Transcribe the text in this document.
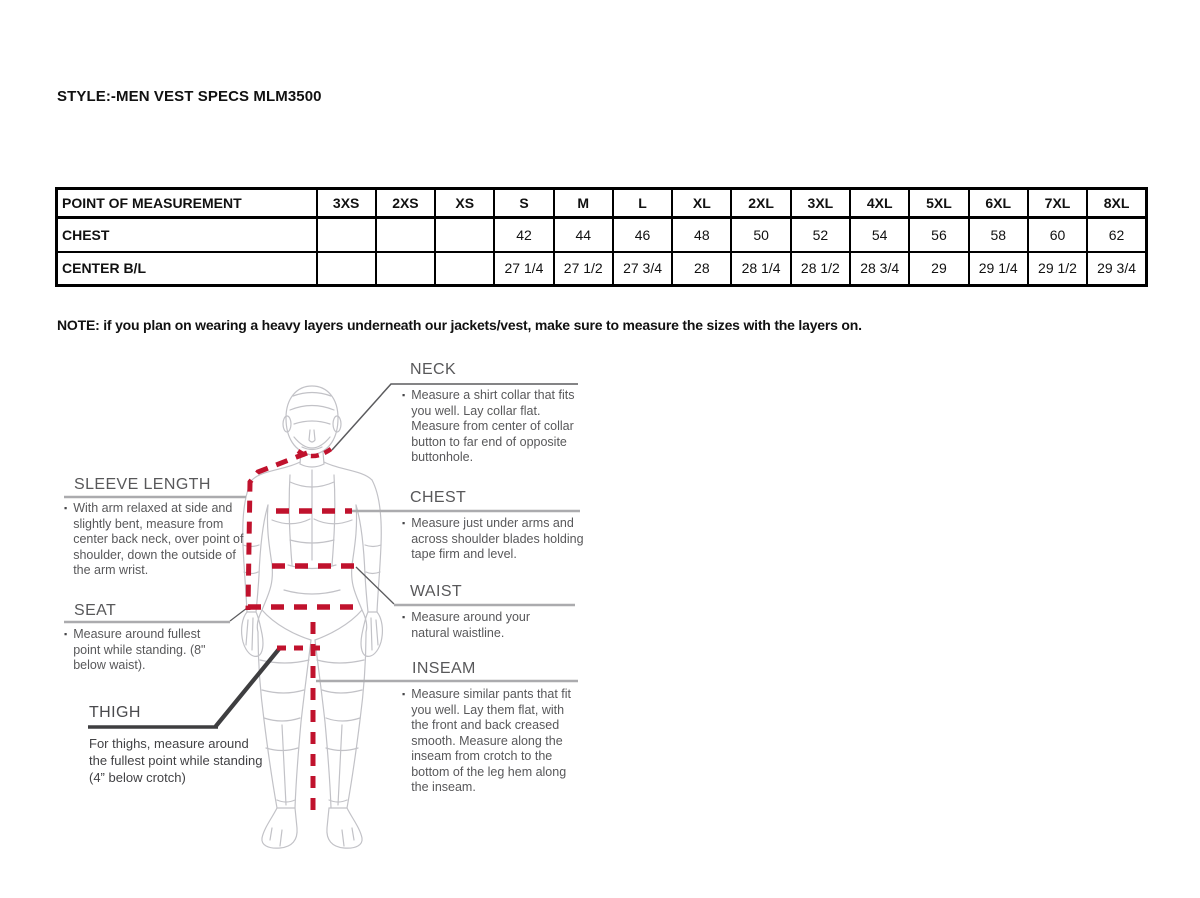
STYLE:-MEN VEST SPECS MLM3500
POINT OF MEASUREMENT	3XS	2XS	XS	S	M	L	XL	2XL	3XL	4XL	5XL	6XL	7XL	8XL
CHEST				42	44	46	48	50	52	54	56	58	60	62
CENTER B/L				27 1/4	27 1/2	27 3/4	28	28 1/4	28 1/2	28 3/4	29	29 1/4	29 1/2	29 3/4
NOTE: if you plan on wearing a heavy layers underneath our jackets/vest, make sure to measure the sizes with the layers on.
SLEEVE LENGTH
▪ With arm relaxed at side and slightly bent, measure from center back neck, over point of shoulder, down the outside of the arm wrist.
SEAT
▪ Measure around fullest point while standing. (8" below waist).
THIGH
For thighs, measure around the fullest point while standing (4” below crotch)
NECK
▪ Measure a shirt collar that fits you well. Lay collar flat. Measure from center of collar button to far end of opposite buttonhole.
CHEST
▪ Measure just under arms and across shoulder blades holding tape firm and level.
WAIST
▪ Measure around your natural waistline.
INSEAM
▪ Measure similar pants that fit you well. Lay them flat, with the front and back creased smooth. Measure along the inseam from crotch to the bottom of the leg hem along the inseam.
